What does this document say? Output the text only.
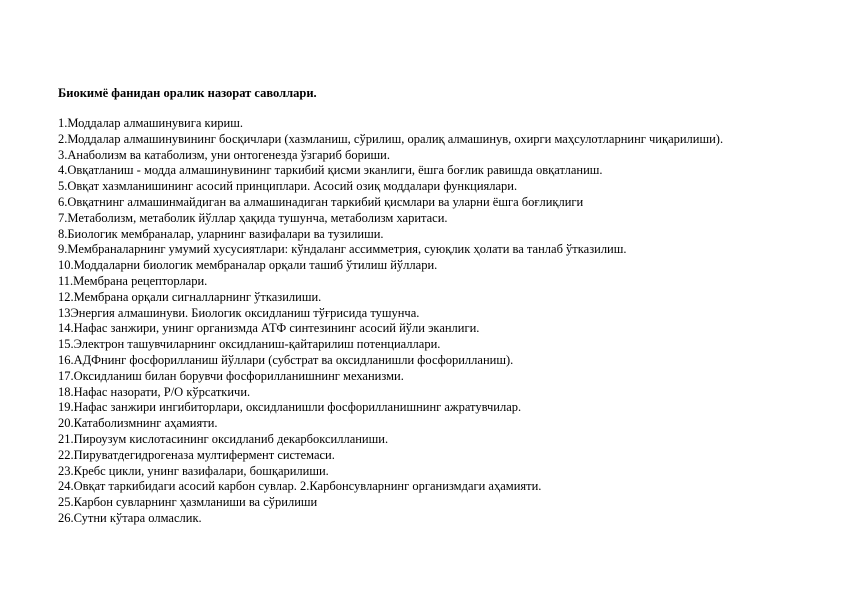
Биокимё фанидан оралик назорат саволлари.
1.Моддалар алмашинувига кириш.
2.Моддалар алмашинувининг босқичлари (хазмланиш, сўрилиш, оралиқ алмашинув, охирги маҳсулотларнинг чиқарилиши).
3.Анаболизм ва катаболизм, уни онтогенезда ўзгариб бориши.
4.Овқатланиш - модда алмашинувининг таркибий қисми эканлиги, ёшга боғлик равишда овқатланиш.
5.Овқат хазмланишининг асосий принциплари. Асосий озиқ моддалари функциялари.
6.Овқатнинг алмашинмайдиган ва алмашинадиган таркибий қисмлари ва уларни ёшга боғлиқлиги
7.Метаболизм, метаболик йўллар ҳақида тушунча, метаболизм харитаси.
8.Биологик мембраналар, уларнинг вазифалари ва тузилиши.
9.Мембраналарнинг умумий хусусиятлари: кўндаланг ассимметрия, суюқлик ҳолати ва танлаб ўтказилиш.
10.Моддаларни биологик мембраналар орқали ташиб ўтилиш йўллари.
11.Мембрана рецепторлари.
12.Мембрана орқали сигналларнинг ўтказилиши.
13Энергия алмашинуви. Биологик оксидланиш тўғрисида тушунча.
14.Нафас занжири, унинг организмда АТФ синтезининг асосий йўли эканлиги.
15.Электрон ташувчиларнинг оксидланиш-қайтарилиш потенциаллари.
16.АДФнинг фосфорилланиш йўллари (субстрат ва оксидланишли фосфорилланиш).
17.Оксидланиш билан борувчи фосфорилланишнинг механизми.
18.Нафас назорати, Р/О кўрсаткичи.
19.Нафас занжири ингибиторлари, оксидланишли фосфорилланишнинг ажратувчилар.
20.Катаболизмнинг аҳамияти.
21.Пироузум кислотасининг оксидланиб декарбоксилланиши.
22.Пируватдегидрогеназа мултифермент системаси.
23.Кребс цикли, унинг вазифалари, бошқарилиши.
24.Овқат таркибидаги асосий карбон сувлар. 2.Карбонсувларнинг организмдаги аҳамияти.
25.Карбон сувларнинг ҳазмланиши ва сўрилиши
26.Сутни кўтара олмаслик.
